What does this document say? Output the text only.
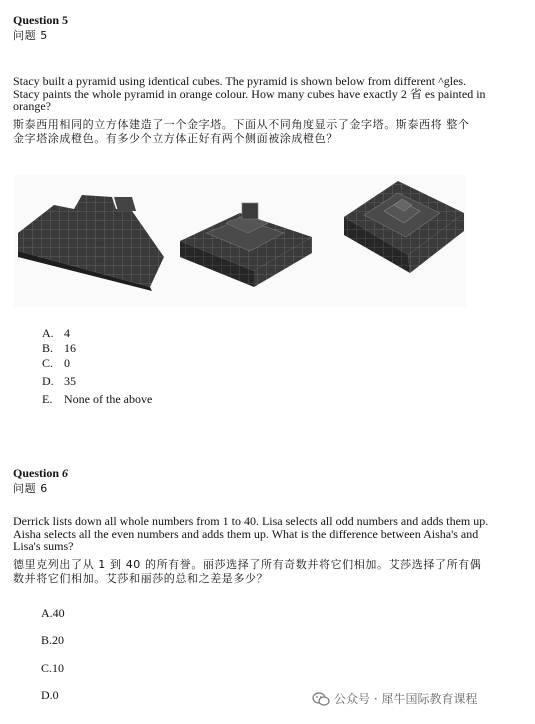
Question 5
问题 5
Stacy built a pyramid using identical cubes. The pyramid is shown below from different ^gles.
Stacy paints the whole pyramid in orange colour. How many cubes have exactly 2 省 es painted in
orange?
斯泰西用相同的立方体建造了一个金字塔。下面从不同角度显示了金字塔。斯泰西将 整个
金字塔涂成橙色。有多少个立方体正好有两个侧面被涂成橙色？
A. 4
B. 16
C. 0
D. 35
E. None of the above
Question 6
问题 6
Derrick lists down all whole numbers from 1 to 40. Lisa selects all odd numbers and adds them up.
Aisha selects all the even numbers and adds them up. What is the difference between Aisha's and
Lisa's sums?
德里克列出了从 1 到 40 的所有誉。丽莎选择了所有奇数并将它们相加。艾莎选择了所有偶
数并将它们相加。艾莎和丽莎的总和之差是多少？
A.40
B.20
C.10
D.0	公众号 · 犀牛国际教育课程
